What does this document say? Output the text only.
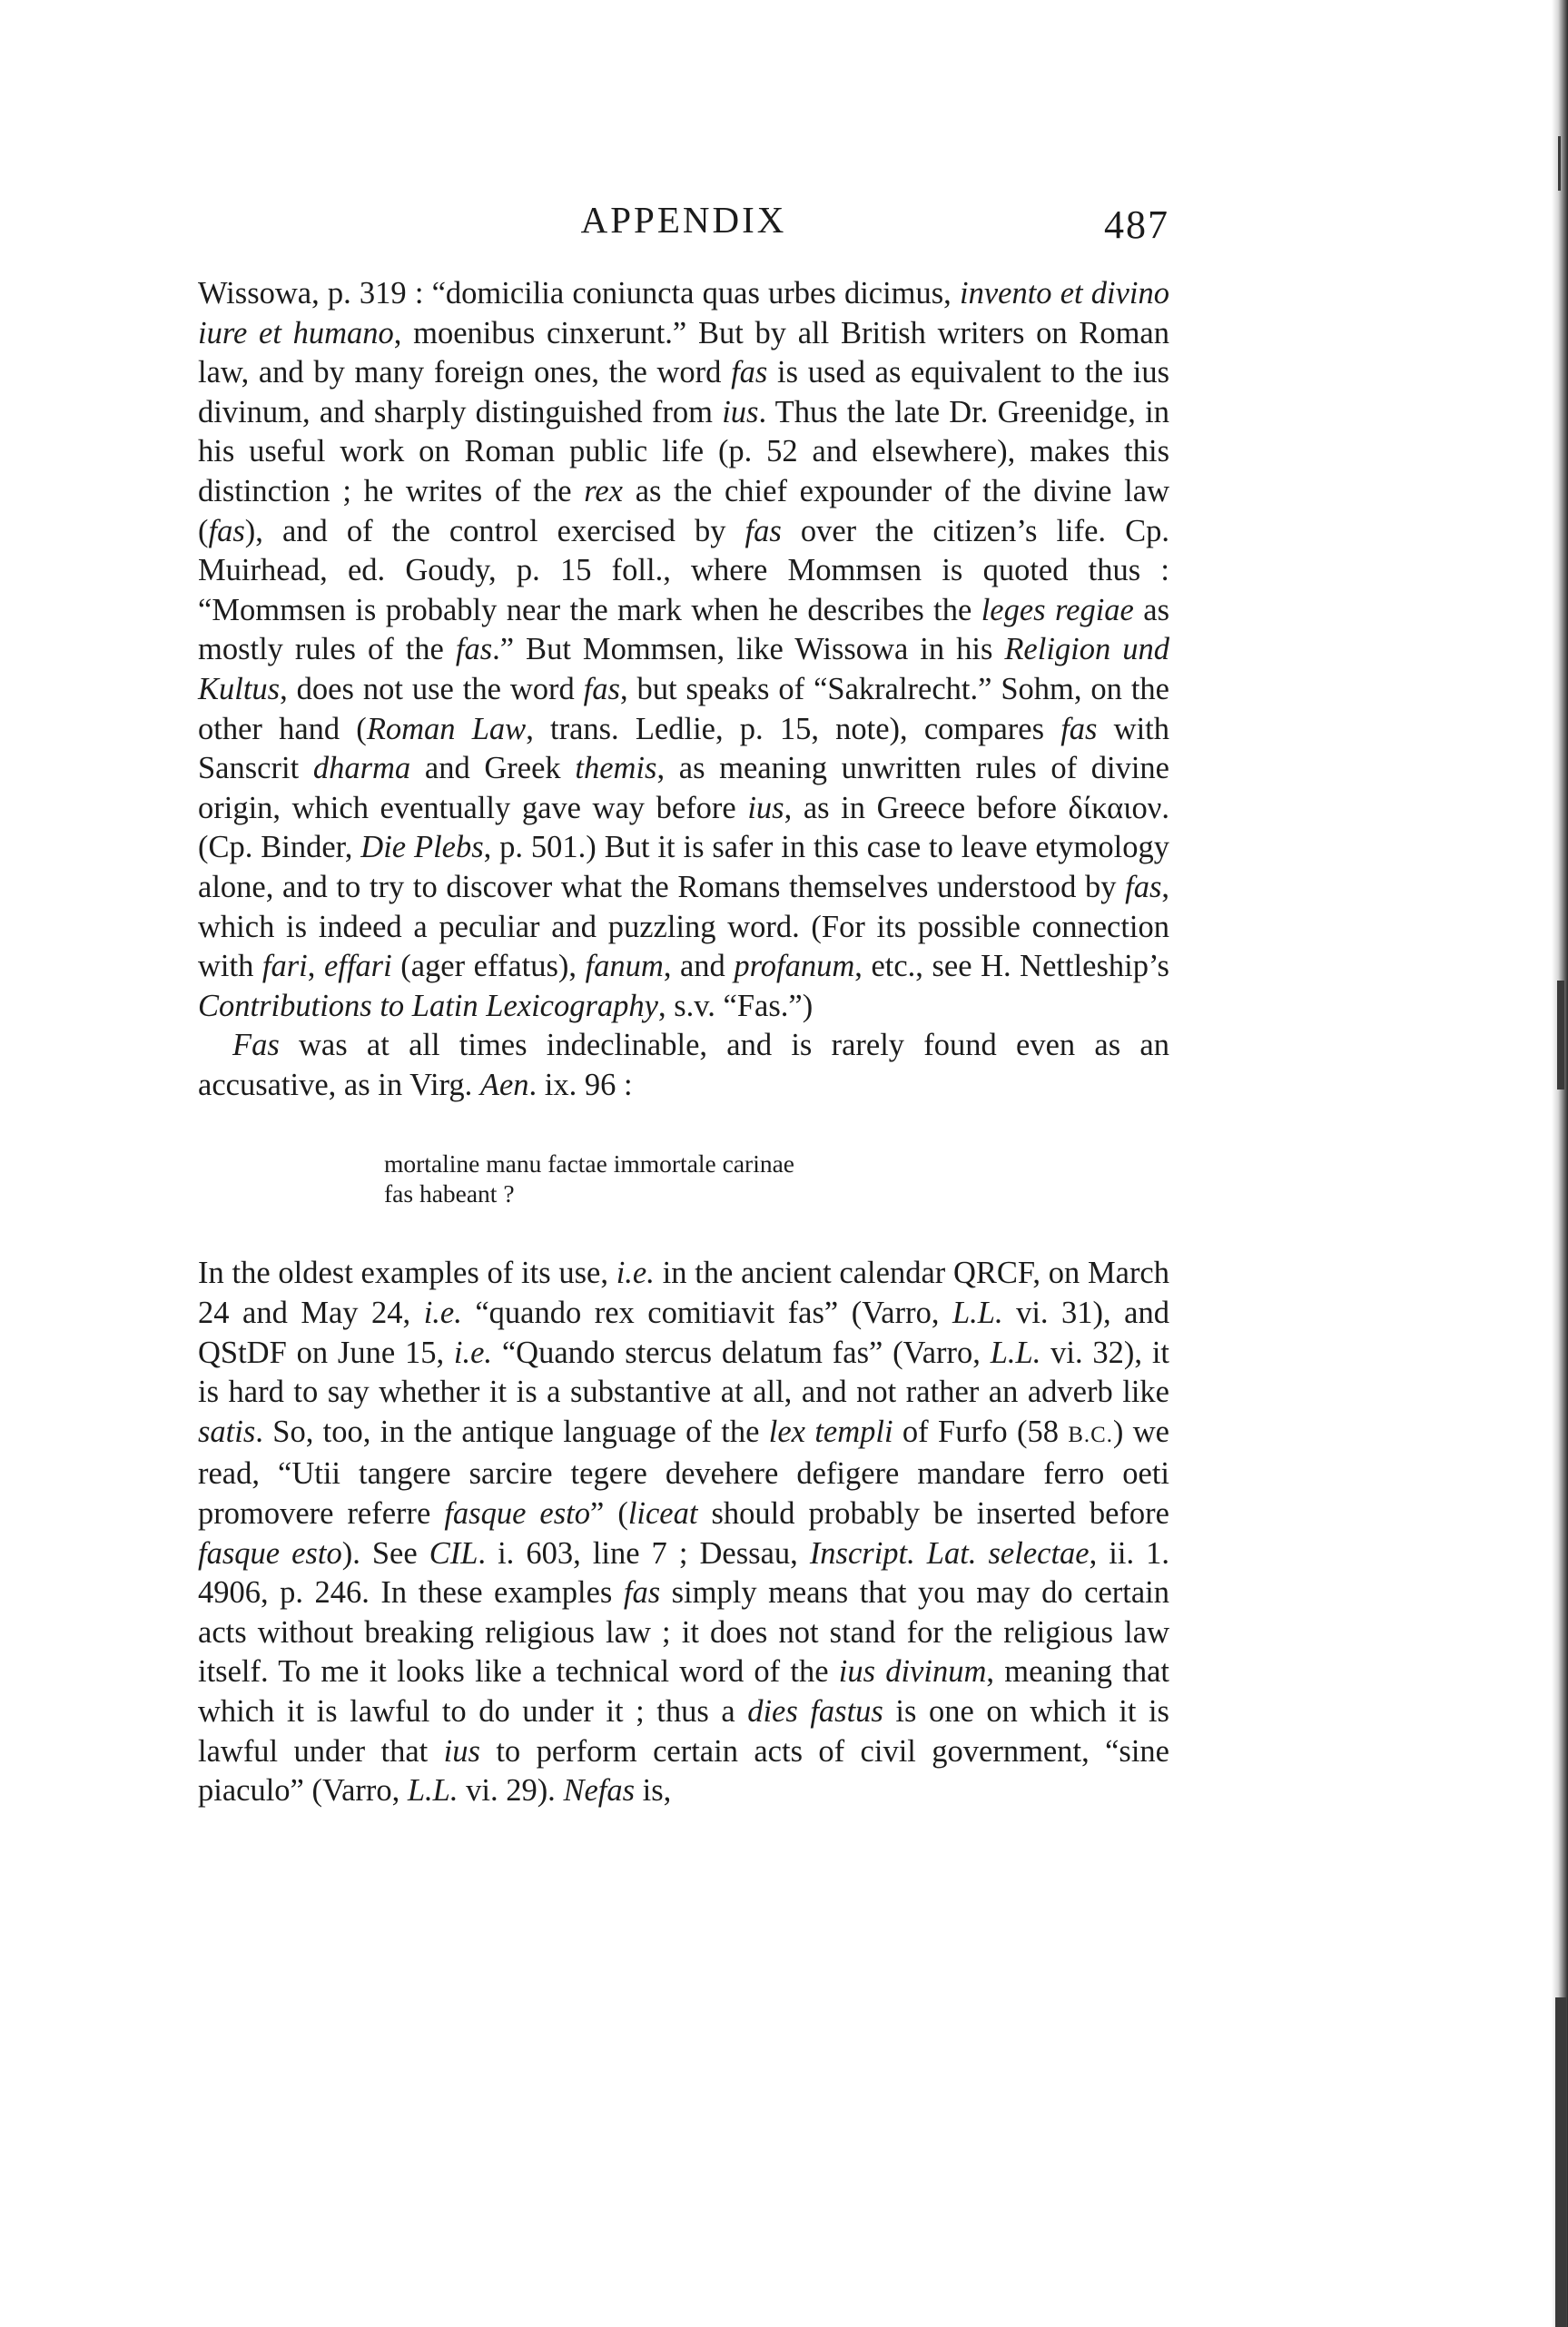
APPENDIX	487

Wissowa, p. 319 : “domicilia coniuncta quas urbes dicimus, invento et divino iure et humano, moenibus cinxerunt.” But by all British writers on Roman law, and by many foreign ones, the word fas is used as equivalent to the ius divinum, and sharply distinguished from ius. Thus the late Dr. Greenidge, in his useful work on Roman public life (p. 52 and elsewhere), makes this distinction ; he writes of the rex as the chief expounder of the divine law (fas), and of the control exercised by fas over the citizen’s life. Cp. Muirhead, ed. Goudy, p. 15 foll., where Mommsen is quoted thus : “Mommsen is probably near the mark when he describes the leges regiae as mostly rules of the fas.” But Mommsen, like Wissowa in his Religion und Kultus, does not use the word fas, but speaks of “Sakralrecht.” Sohm, on the other hand (Roman Law, trans. Ledlie, p. 15, note), compares fas with Sanscrit dharma and Greek themis, as meaning unwritten rules of divine origin, which eventually gave way before ius, as in Greece before δίκαιον. (Cp. Binder, Die Plebs, p. 501.) But it is safer in this case to leave etymology alone, and to try to discover what the Romans themselves understood by fas, which is indeed a peculiar and puzzling word. (For its possible connection with fari, effari (ager effatus), fanum, and profanum, etc., see H. Nettleship’s Contributions to Latin Lexicography, s.v. “Fas.”)

Fas was at all times indeclinable, and is rarely found even as an accusative, as in Virg. Aen. ix. 96 :

mortaline manu factae immortale carinae
fas habeant ?

In the oldest examples of its use, i.e. in the ancient calendar QRCF, on March 24 and May 24, i.e. “quando rex comitiavit fas” (Varro, L.L. vi. 31), and QStDF on June 15, i.e. “Quando stercus delatum fas” (Varro, L.L. vi. 32), it is hard to say whether it is a substantive at all, and not rather an adverb like satis. So, too, in the antique language of the lex templi of Furfo (58 B.C.) we read, “Utii tangere sarcire tegere devehere defigere mandare ferro oeti promovere referre fasque esto” (liceat should probably be inserted before fasque esto). See CIL. i. 603, line 7 ; Dessau, Inscript. Lat. selectae, ii. 1. 4906, p. 246. In these examples fas simply means that you may do certain acts without breaking religious law ; it does not stand for the religious law itself. To me it looks like a technical word of the ius divinum, meaning that which it is lawful to do under it ; thus a dies fastus is one on which it is lawful under that ius to perform certain acts of civil government, “sine piaculo” (Varro, L.L. vi. 29). Nefas is,
